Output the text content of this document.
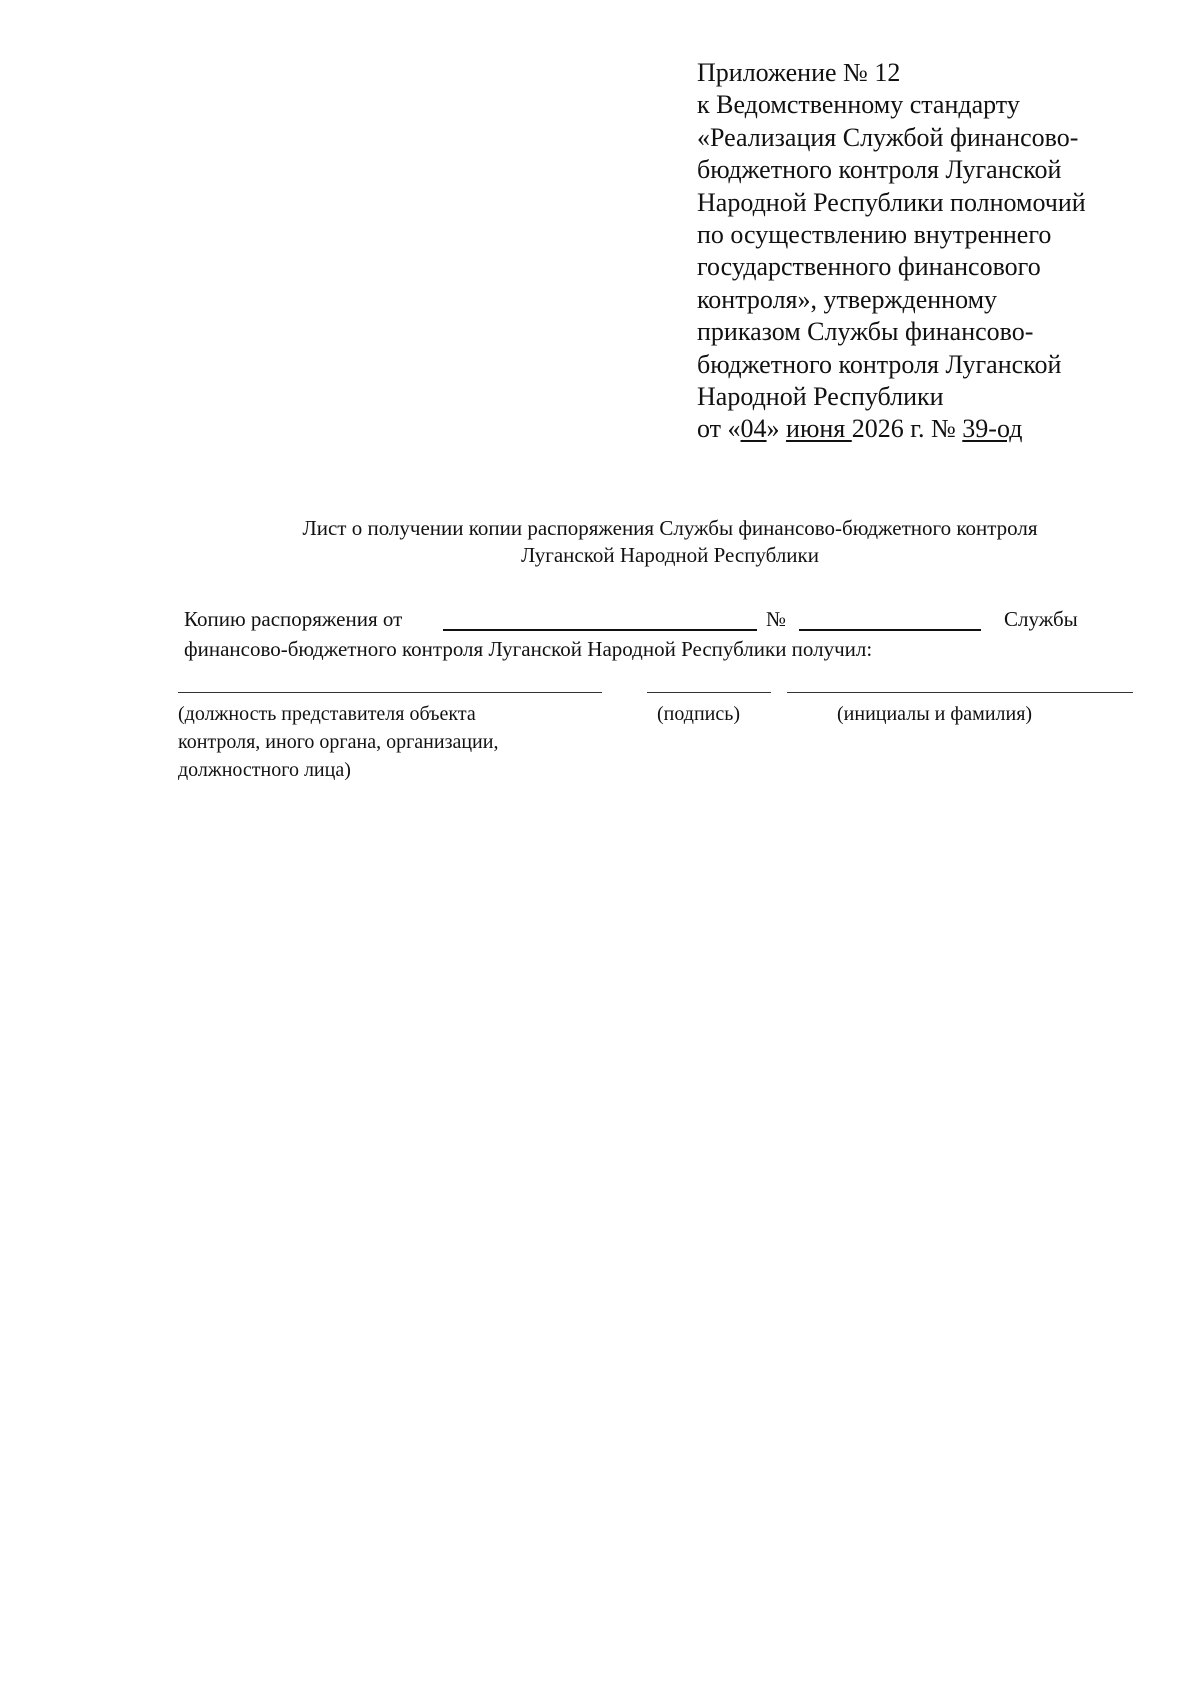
Приложение № 12
к Ведомственному стандарту
«Реализация Службой финансово-
бюджетного контроля Луганской
Народной Республики полномочий
по осуществлению внутреннего
государственного финансового
контроля», утвержденному
приказом Службы финансово-
бюджетного контроля Луганской
Народной Республики
от «04» июня 2026 г. № 39-од
Лист о получении копии распоряжения Службы финансово-бюджетного контроля
Луганской Народной Республики
Копию распоряжения от	№	Службы
финансово-бюджетного контроля Луганской Народной Республики получил:
(должность представителя объекта
контроля, иного органа, организации,
должностного лица)
(подпись)	(инициалы и фамилия)
